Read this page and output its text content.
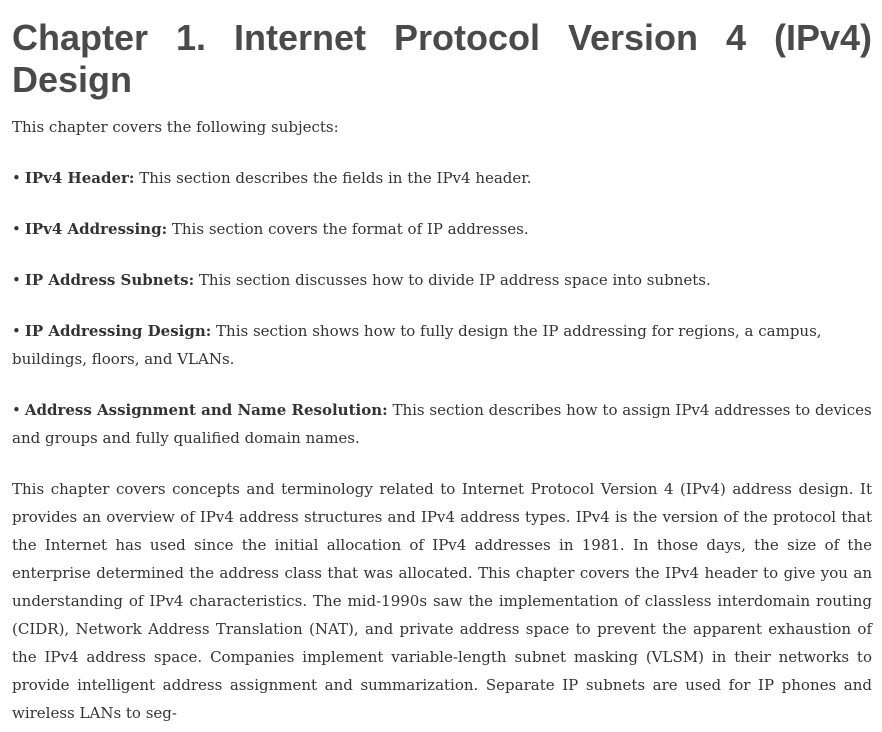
Chapter 1. Internet Protocol Version 4 (IPv4)
Design

This chapter covers the following subjects:

• IPv4 Header: This section describes the fields in the IPv4 header.
• IPv4 Addressing: This section covers the format of IP addresses.
• IP Address Subnets: This section discusses how to divide IP address space into subnets.
• IP Addressing Design: This section shows how to fully design the IP addressing for regions, a campus, buildings, floors, and VLANs.
• Address Assignment and Name Resolution: This section describes how to assign IPv4 addresses to devices and groups and fully qualified domain names.

This chapter covers concepts and terminology related to Internet Protocol Version 4 (IPv4) address design. It provides an overview of IPv4 address structures and IPv4 address types. IPv4 is the version of the protocol that the Internet has used since the initial allocation of IPv4 addresses in 1981. In those days, the size of the enterprise determined the address class that was allocated. This chapter covers the IPv4 header to give you an understanding of IPv4 characteristics. The mid-1990s saw the implementation of classless interdomain routing (CIDR), Network Address Translation (NAT), and private address space to prevent the apparent exhaustion of the IPv4 address space. Companies implement variable-length subnet masking (VLSM) in their networks to provide intelligent address assignment and summarization. Separate IP subnets are used for IP phones and wireless LANs to seg-
